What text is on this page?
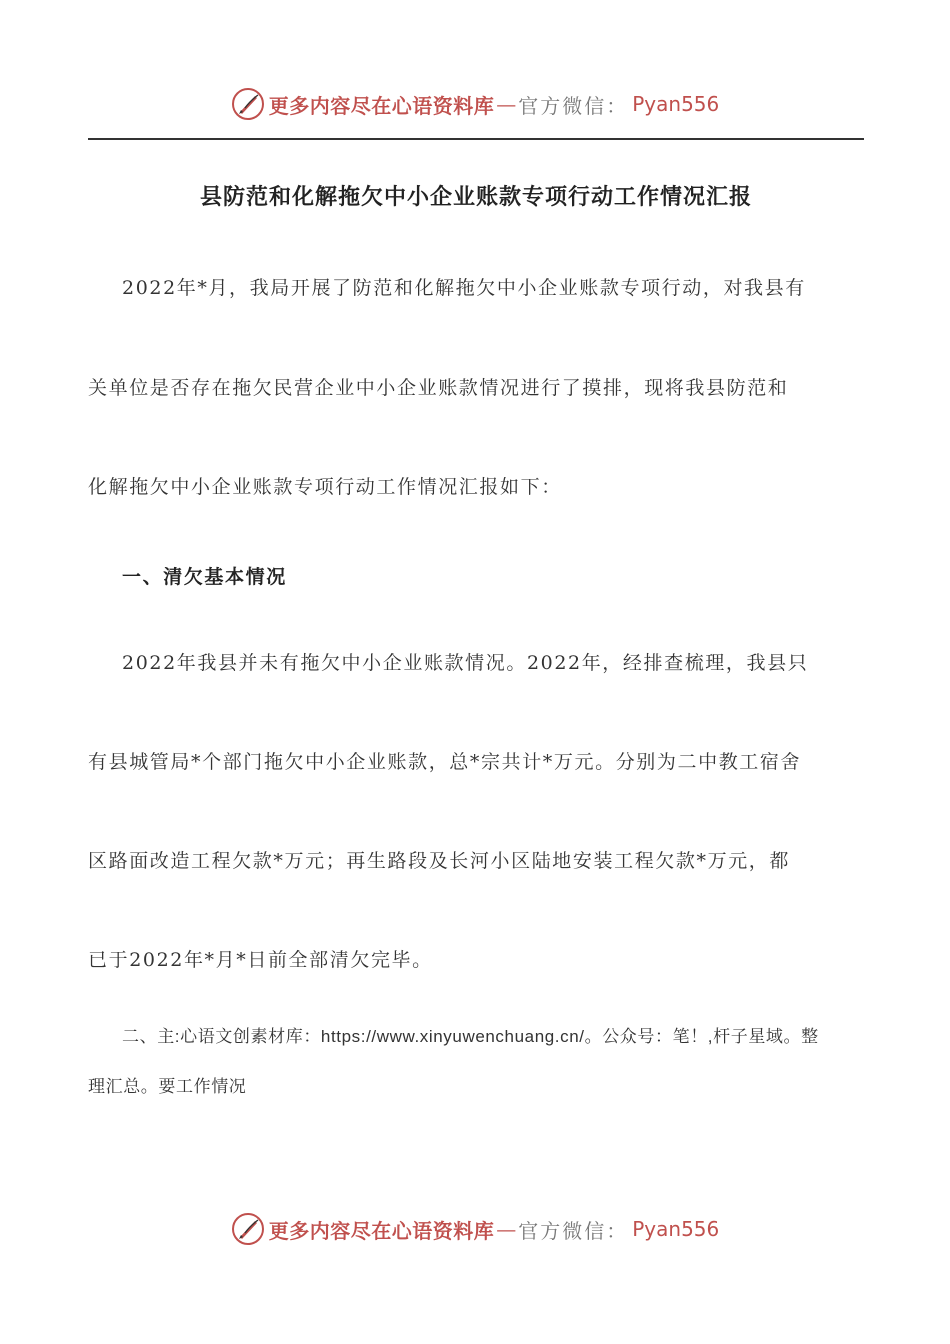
更多内容尽在心语资料库 — 官方微信： Pyan556
县防范和化解拖欠中小企业账款专项行动工作情况汇报
2022年*月，我局开展了防范和化解拖欠中小企业账款专项行动，对我县有
关单位是否存在拖欠民营企业中小企业账款情况进行了摸排，现将我县防范和
化解拖欠中小企业账款专项行动工作情况汇报如下：
一、清欠基本情况
2022年我县并未有拖欠中小企业账款情况。2022年，经排查梳理，我县只
有县城管局*个部门拖欠中小企业账款，总*宗共计*万元。分别为二中教工宿舍
区路面改造工程欠款*万元；再生路段及长河小区陆地安装工程欠款*万元，都
已于2022年*月*日前全部清欠完毕。
二、主:心语文创素材库：https://www.xinyuwenchuang.cn/。公众号：笔！,杆子星域。整
理汇总。要工作情况
更多内容尽在心语资料库 — 官方微信： Pyan556
